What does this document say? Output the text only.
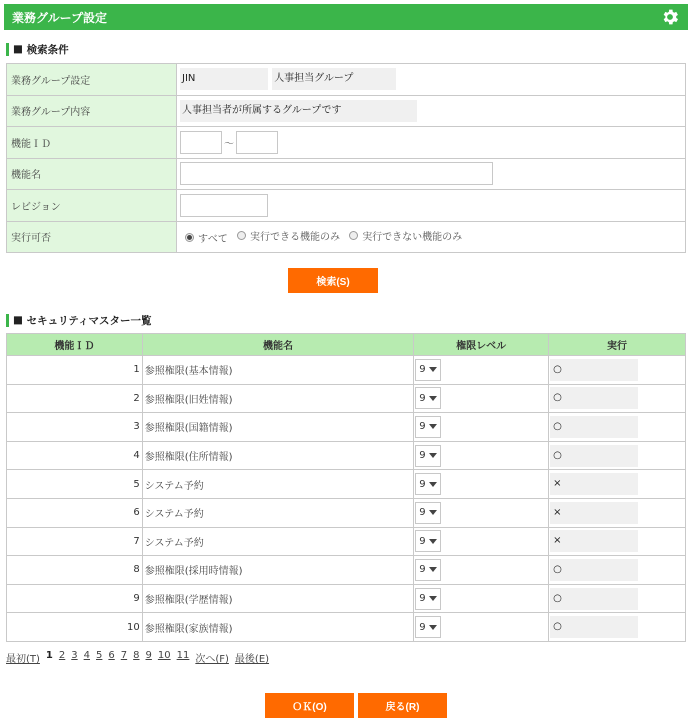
業務グループ設定
■ 検索条件
業務グループ設定	JIN 人事担当グループ
業務グループ内容	人事担当者が所属するグループです
機能ＩＤ	～
機能名	
レビジョン	
実行可否	すべて
実行できる機能のみ
実行できない機能のみ
検索(S)
■ セキュリティマスター一覧
機能ＩＤ	機能名	権限レベル	実行
1	参照権限(基本情報)	9	○
2	参照権限(旧姓情報)	9	○
3	参照権限(国籍情報)	9	○
4	参照権限(住所情報)	9	○
5	システム予約	9	×
6	システム予約	9	×
7	システム予約	9	×
8	参照権限(採用時情報)	9	○
9	参照権限(学歴情報)	9	○
10	参照権限(家族情報)	9	○
最初(T) 1 2 3 4 5 6 7 8 9 10 11 次へ(F) 最後(E)
ＯＫ(O)	戻る(R)
